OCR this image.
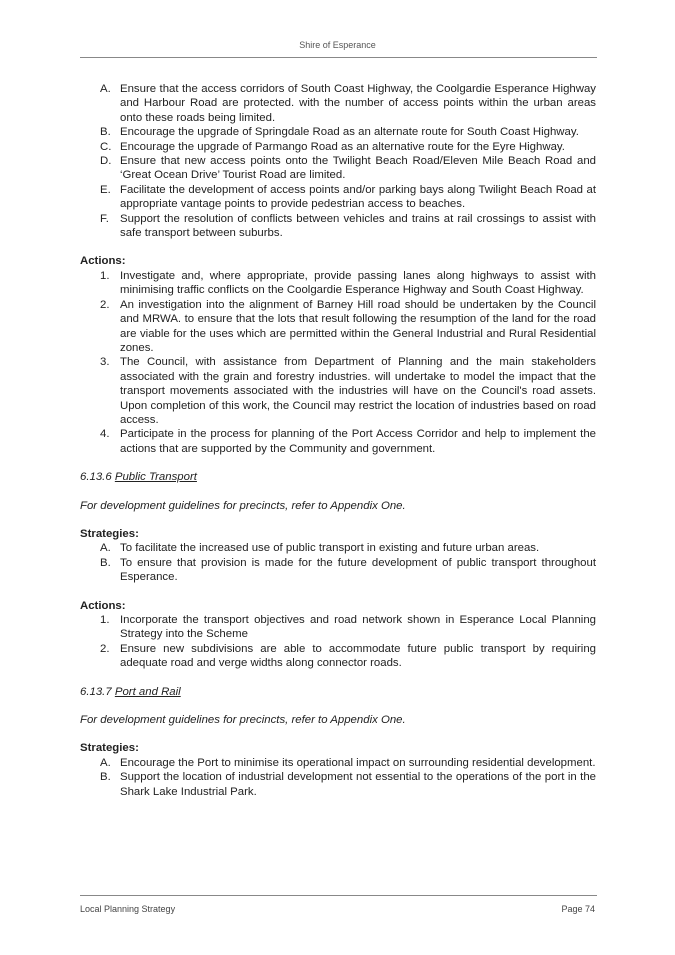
Shire of Esperance
A. Ensure that the access corridors of South Coast Highway, the Coolgardie Esperance Highway and Harbour Road are protected. with the number of access points within the urban areas onto these roads being limited.
B. Encourage the upgrade of Springdale Road as an alternate route for South Coast Highway.
C. Encourage the upgrade of Parmango Road as an alternative route for the Eyre Highway.
D. Ensure that new access points onto the Twilight Beach Road/Eleven Mile Beach Road and ‘Great Ocean Drive’ Tourist Road are limited.
E. Facilitate the development of access points and/or parking bays along Twilight Beach Road at appropriate vantage points to provide pedestrian access to beaches.
F. Support the resolution of conflicts between vehicles and trains at rail crossings to assist with safe transport between suburbs.

Actions:

1. Investigate and, where appropriate, provide passing lanes along highways to assist with minimising traffic conflicts on the Coolgardie Esperance Highway and South Coast Highway.
2. An investigation into the alignment of Barney Hill road should be undertaken by the Council and MRWA. to ensure that the lots that result following the resumption of the land for the road are viable for the uses which are permitted within the General Industrial and Rural Residential zones.
3. The Council, with assistance from Department of Planning and the main stakeholders associated with the grain and forestry industries. will undertake to model the impact that the transport movements associated with the industries will have on the Council's road assets. Upon completion of this work, the Council may restrict the location of industries based on road access.
4. Participate in the process for planning of the Port Access Corridor and help to implement the actions that are supported by the Community and government.

6.13.6 Public Transport

For development guidelines for precincts, refer to Appendix One.

Strategies:

A. To facilitate the increased use of public transport in existing and future urban areas.
B. To ensure that provision is made for the future development of public transport throughout Esperance.

Actions:

1. Incorporate the transport objectives and road network shown in Esperance Local Planning Strategy into the Scheme
2. Ensure new subdivisions are able to accommodate future public transport by requiring adequate road and verge widths along connector roads.

6.13.7 Port and Rail

For development guidelines for precincts, refer to Appendix One.

Strategies:

A. Encourage the Port to minimise its operational impact on surrounding residential development.
B. Support the location of industrial development not essential to the operations of the port in the Shark Lake Industrial Park.
Local Planning Strategy	Page 74
